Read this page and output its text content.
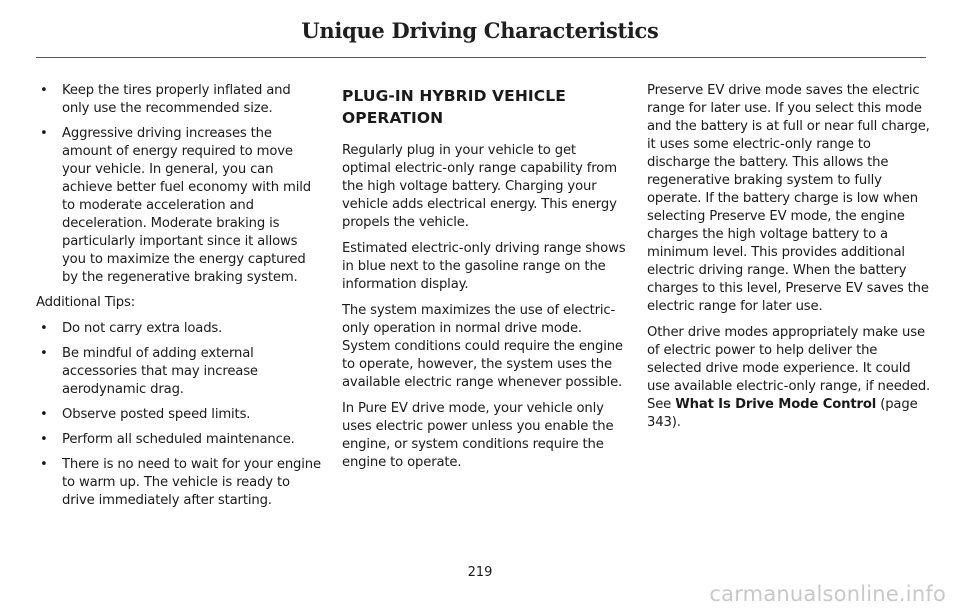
Unique Driving Characteristics
• Keep the tires properly inflated and only use the recommended size.
• Aggressive driving increases the amount of energy required to move your vehicle. In general, you can achieve better fuel economy with mild to moderate acceleration and deceleration. Moderate braking is particularly important since it allows you to maximize the energy captured by the regenerative braking system.

Additional Tips:

• Do not carry extra loads.
• Be mindful of adding external accessories that may increase aerodynamic drag.
• Observe posted speed limits.
• Perform all scheduled maintenance.
• There is no need to wait for your engine to warm up. The vehicle is ready to drive immediately after starting.
PLUG-IN HYBRID VEHICLE OPERATION

Regularly plug in your vehicle to get optimal electric-only range capability from the high voltage battery. Charging your vehicle adds electrical energy. This energy propels the vehicle.

Estimated electric-only driving range shows in blue next to the gasoline range on the information display.

The system maximizes the use of electric-only operation in normal drive mode. System conditions could require the engine to operate, however, the system uses the available electric range whenever possible.

In Pure EV drive mode, your vehicle only uses electric power unless you enable the engine, or system conditions require the engine to operate.

Preserve EV drive mode saves the electric range for later use. If you select this mode and the battery is at full or near full charge, it uses some electric-only range to discharge the battery. This allows the regenerative braking system to fully operate. If the battery charge is low when selecting Preserve EV mode, the engine charges the high voltage battery to a minimum level. This provides additional electric driving range. When the battery charges to this level, Preserve EV saves the electric range for later use.

Other drive modes appropriately make use of electric power to help deliver the selected drive mode experience. It could use available electric-only range, if needed. See What Is Drive Mode Control (page 343).

219
carmanualsonline.info
